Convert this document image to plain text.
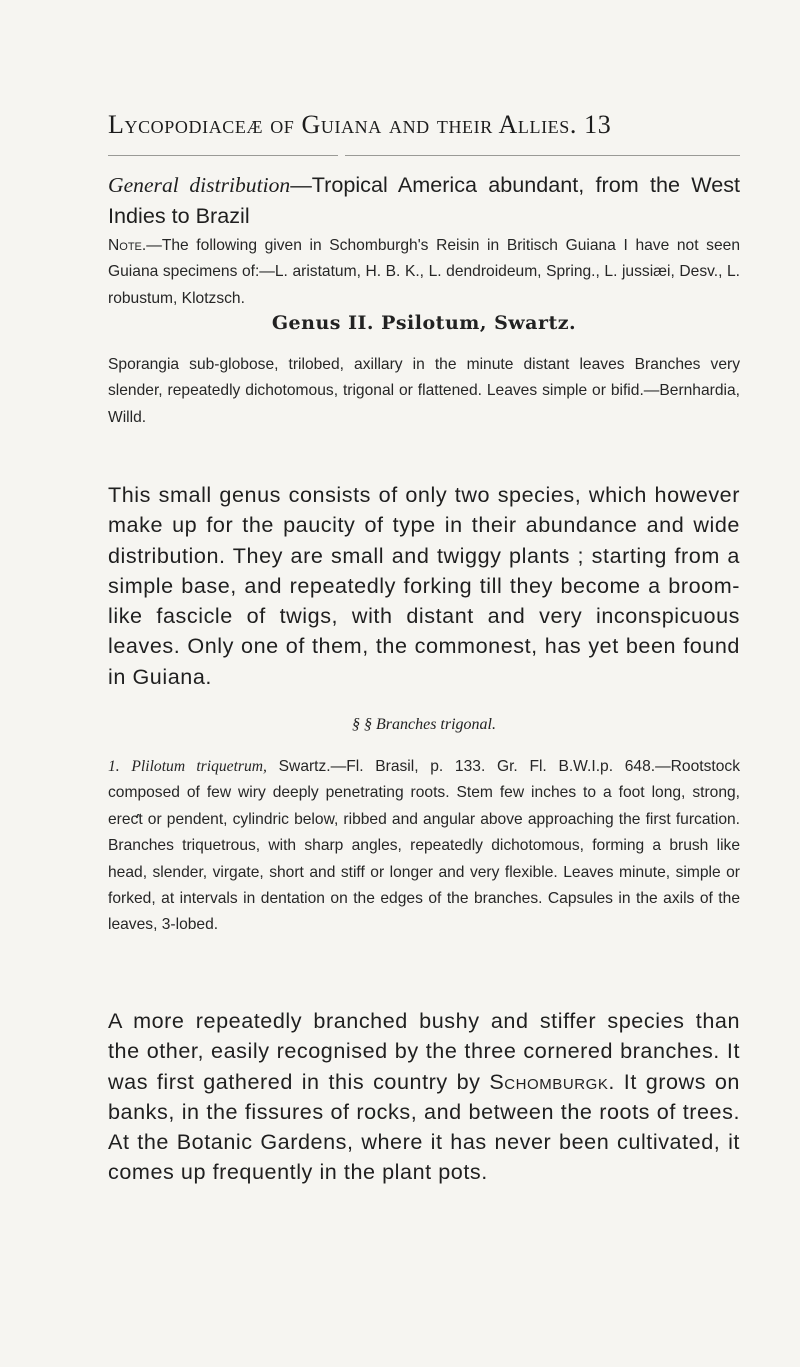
Lycopodiaceæ of Guiana and their Allies. 13
General distribution—Tropical America abundant, from the West Indies to Brazil
Note.—The following given in Schomburgh's Reisin in Britisch Guiana I have not seen Guiana specimens of:—L. aristatum, H. B. K., L. dendroideum, Spring., L. jussiæi, Desv., L. robustum, Klotzsch.
Genus II. Psilotum, Swartz.
Sporangia sub-globose, trilobed, axillary in the minute distant leaves Branches very slender, repeatedly dichotomous, trigonal or flattened. Leaves simple or bifid.—Bernhardia, Willd.
This small genus consists of only two species, which however make up for the paucity of type in their abundance and wide distribution. They are small and twiggy plants ; starting from a simple base, and repeatedly forking till they become a broom-like fascicle of twigs, with distant and very inconspicuous leaves. Only one of them, the commonest, has yet been found in Guiana.
§ § Branches trigonal.
1. Plilotum triquetrum, Swartz.—Fl. Brasil, p. 133. Gr. Fl. B.W.I.p. 648.—Rootstock composed of few wiry deeply penetrating roots. Stem few inches to a foot long, strong, ereƈt or pendent, cylindric below, ribbed and angular above approaching the first furcation. Branches triquetrous, with sharp angles, repeatedly dichotomous, forming a brush like head, slender, virgate, short and stiff or longer and very flexible. Leaves minute, simple or forked, at intervals in dentation on the edges of the branches. Capsules in the axils of the leaves, 3-lobed.
A more repeatedly branched bushy and stiffer species than the other, easily recognised by the three cornered branches. It was first gathered in this country by Schomburgk. It grows on banks, in the fissures of rocks, and between the roots of trees. At the Botanic Gardens, where it has never been cultivated, it comes up frequently in the plant pots.
